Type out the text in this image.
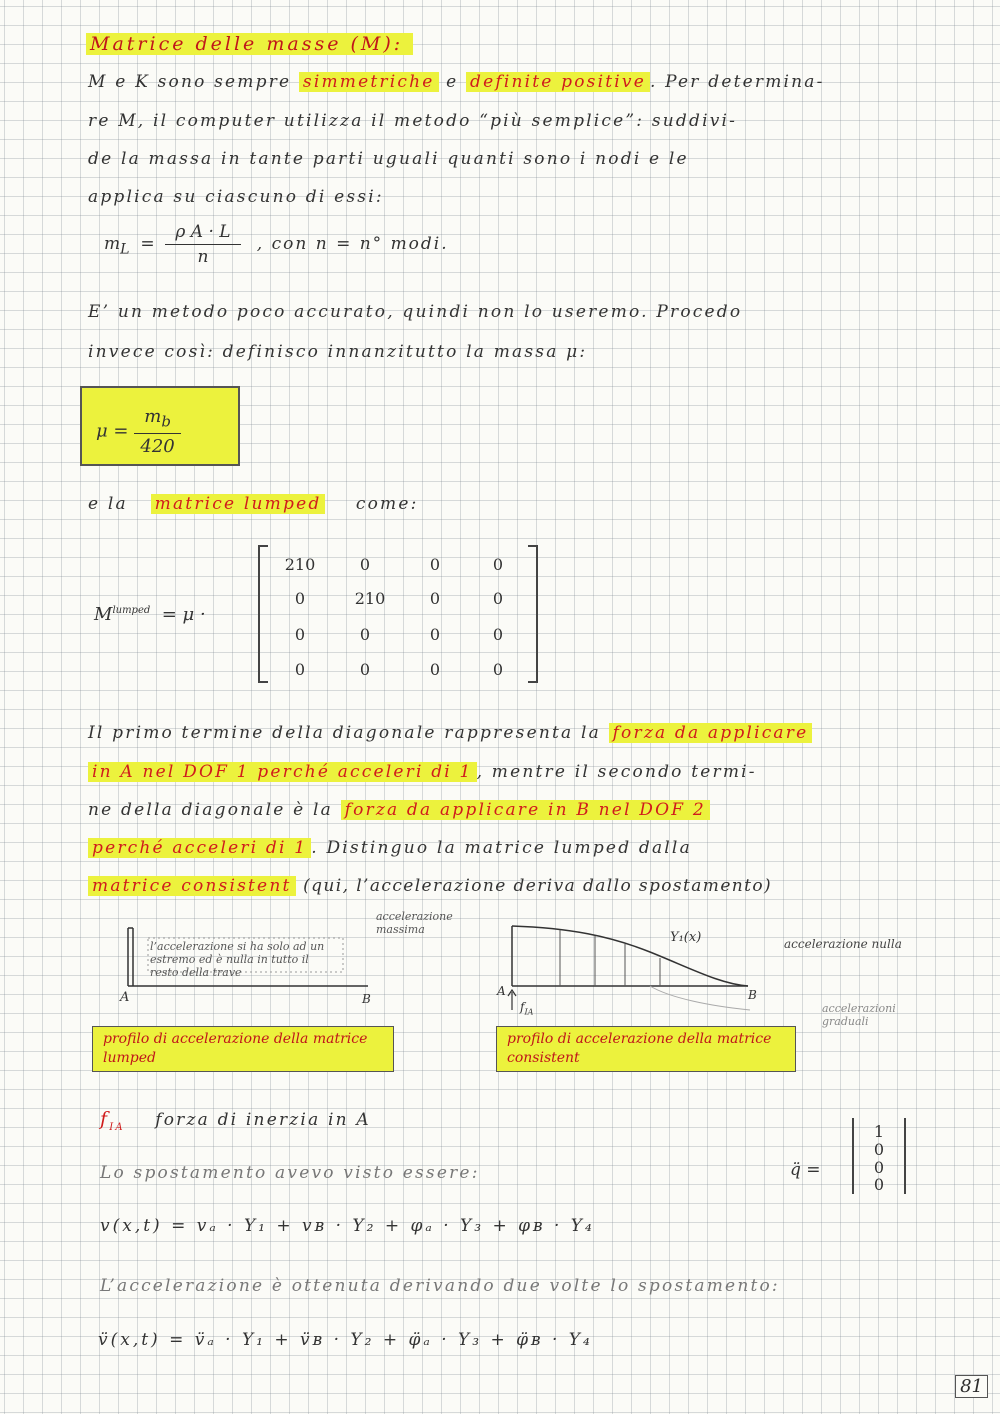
Matrice delle masse (M):
M e K sono sempre simmetriche e definite positive . Per determina-
re M, il computer utilizza il metodo “più semplice”: suddivi-
de la massa in tante parti uguali quanti sono i nodi e le
applica su ciascuno di essi:
$m_L = \frac{\text{ρ A · L}}{n}$ , con n = n° modi.
E’ un metodo poco accurato, quindi non lo useremo. Procedo
invece così: definisco innanzitutto la massa μ:
$\mu = \frac{m_b}{420}$
e la matrice lumped come:
$M^{lumped} = \mu$ ·
210	0	0	0
0	210	0	0
0	0	0	0
0	0	0	0
Il primo termine della diagonale rappresenta la forza da applicare
in A nel DOF 1 perché acceleri di 1 , mentre il secondo termi-
ne della diagonale è la forza da applicare in B nel DOF 2
perché acceleri di 1 . Distinguo la matrice lumped dalla
matrice consistent (qui, l’accelerazione deriva dallo spostamento)
l’accelerazione si ha solo ad un estremo ed è nulla in tutto il resto della trave
A	B
profilo di accelerazione della matrice lumped
accelerazione massima
Y₁(x)	accelerazione nulla
accelerazioni graduali
A	B
$f_{IA}$
profilo di accelerazione della matrice consistent
$f_{IA}$ forza di inerzia in A
q̈ =
1
0
0
0
Lo spostamento avevo visto essere:
v(x,t) = vₐ · Y₁ + vʙ · Y₂ + φₐ · Y₃ + φʙ · Y₄
L’accelerazione è ottenuta derivando due volte lo spostamento:
v̈(x,t) = v̈ₐ · Y₁ + v̈ʙ · Y₂ + φ̈ₐ · Y₃ + φ̈ʙ · Y₄
81
